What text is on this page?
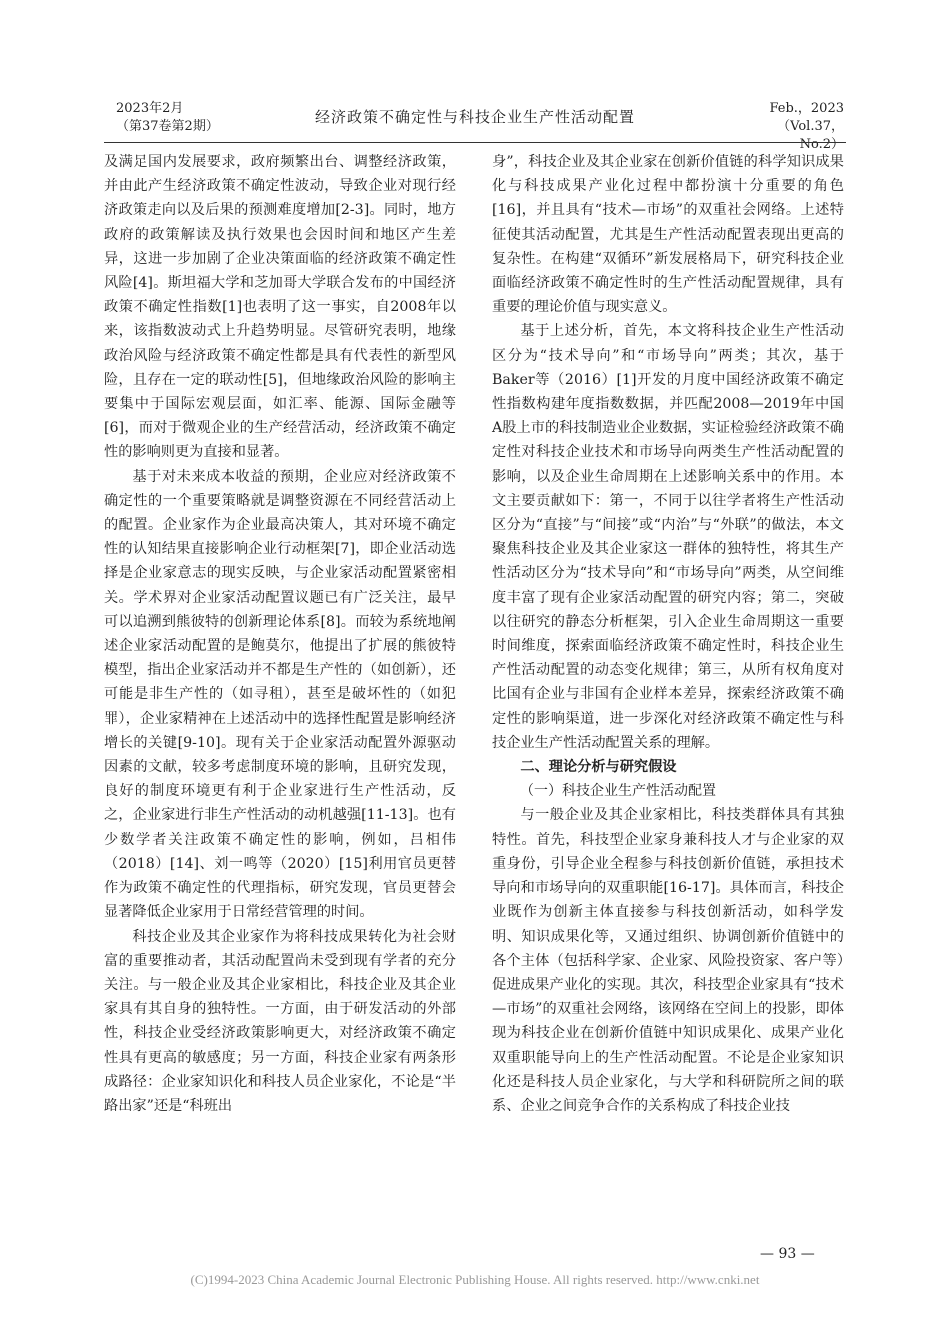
2023年2月
（第37卷第2期）
经济政策不确定性与科技企业生产性活动配置	Feb.，2023
（Vol.37，No.2）

及满足国内发展要求，政府频繁出台、调整经济政策，并由此产生经济政策不确定性波动，导致企业对现行经济政策走向以及后果的预测难度增加[2-3]。同时，地方政府的政策解读及执行效果也会因时间和地区产生差异，这进一步加剧了企业决策面临的经济政策不确定性风险[4]。斯坦福大学和芝加哥大学联合发布的中国经济政策不确定性指数[1]也表明了这一事实，自2008年以来，该指数波动式上升趋势明显。尽管研究表明，地缘政治风险与经济政策不确定性都是具有代表性的新型风险，且存在一定的联动性[5]，但地缘政治风险的影响主要集中于国际宏观层面，如汇率、能源、国际金融等[6]，而对于微观企业的生产经营活动，经济政策不确定性的影响则更为直接和显著。

基于对未来成本收益的预期，企业应对经济政策不确定性的一个重要策略就是调整资源在不同经营活动上的配置。企业家作为企业最高决策人，其对环境不确定性的认知结果直接影响企业行动框架[7]，即企业活动选择是企业家意志的现实反映，与企业家活动配置紧密相关。学术界对企业家活动配置议题已有广泛关注，最早可以追溯到熊彼特的创新理论体系[8]。而较为系统地阐述企业家活动配置的是鲍莫尔，他提出了扩展的熊彼特模型，指出企业家活动并不都是生产性的（如创新），还可能是非生产性的（如寻租），甚至是破坏性的（如犯罪），企业家精神在上述活动中的选择性配置是影响经济增长的关键[9-10]。现有关于企业家活动配置外源驱动因素的文献，较多考虑制度环境的影响，且研究发现，良好的制度环境更有利于企业家进行生产性活动，反之，企业家进行非生产性活动的动机越强[11-13]。也有少数学者关注政策不确定性的影响，例如，吕相伟（2018）[14]、刘一鸣等（2020）[15]利用官员更替作为政策不确定性的代理指标，研究发现，官员更替会显著降低企业家用于日常经营管理的时间。

科技企业及其企业家作为将科技成果转化为社会财富的重要推动者，其活动配置尚未受到现有学者的充分关注。与一般企业及其企业家相比，科技企业及其企业家具有其自身的独特性。一方面，由于研发活动的外部性，科技企业受经济政策影响更大，对经济政策不确定性具有更高的敏感度；另一方面，科技企业家有两条形成路径：企业家知识化和科技人员企业家化，不论是“半路出家”还是“科班出

身”，科技企业及其企业家在创新价值链的科学知识成果化与科技成果产业化过程中都扮演十分重要的角色[16]，并且具有“技术—市场”的双重社会网络。上述特征使其活动配置，尤其是生产性活动配置表现出更高的复杂性。在构建“双循环”新发展格局下，研究科技企业面临经济政策不确定性时的生产性活动配置规律，具有重要的理论价值与现实意义。

基于上述分析，首先，本文将科技企业生产性活动区分为“技术导向”和“市场导向”两类；其次，基于Baker等（2016）[1]开发的月度中国经济政策不确定性指数构建年度指数数据，并匹配2008—2019年中国A股上市的科技制造业企业数据，实证检验经济政策不确定性对科技企业技术和市场导向两类生产性活动配置的影响，以及企业生命周期在上述影响关系中的作用。本文主要贡献如下：第一，不同于以往学者将生产性活动区分为“直接”与“间接”或“内治”与“外联”的做法，本文聚焦科技企业及其企业家这一群体的独特性，将其生产性活动区分为“技术导向”和“市场导向”两类，从空间维度丰富了现有企业家活动配置的研究内容；第二，突破以往研究的静态分析框架，引入企业生命周期这一重要时间维度，探索面临经济政策不确定性时，科技企业生产性活动配置的动态变化规律；第三，从所有权角度对比国有企业与非国有企业样本差异，探索经济政策不确定性的影响渠道，进一步深化对经济政策不确定性与科技企业生产性活动配置关系的理解。

二、理论分析与研究假设
（一）科技企业生产性活动配置

与一般企业及其企业家相比，科技类群体具有其独特性。首先，科技型企业家身兼科技人才与企业家的双重身份，引导企业全程参与科技创新价值链，承担技术导向和市场导向的双重职能[16-17]。具体而言，科技企业既作为创新主体直接参与科技创新活动，如科学发明、知识成果化等，又通过组织、协调创新价值链中的各个主体（包括科学家、企业家、风险投资家、客户等）促进成果产业化的实现。其次，科技型企业家具有“技术—市场”的双重社会网络，该网络在空间上的投影，即体现为科技企业在创新价值链中知识成果化、成果产业化双重职能导向上的生产性活动配置。不论是企业家知识化还是科技人员企业家化，与大学和科研院所之间的联系、企业之间竞争合作的关系构成了科技企业技

— 93 —
(C)1994-2023 China Academic Journal Electronic Publishing House. All rights reserved. http://www.cnki.net
